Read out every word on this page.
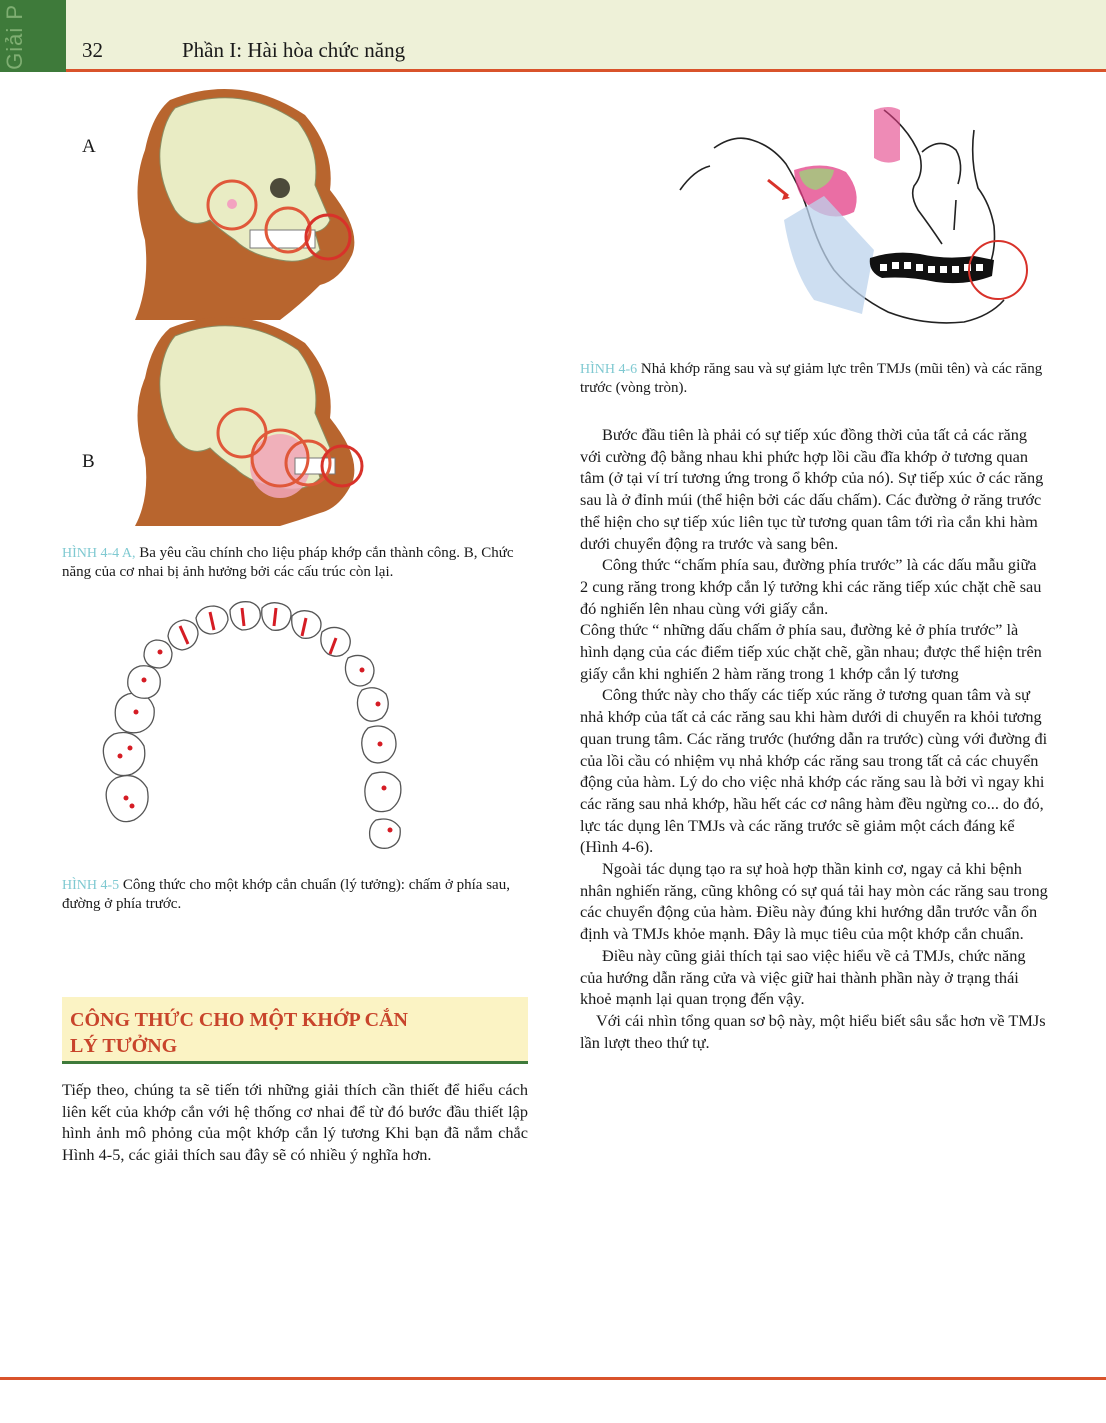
Giải P	32	Phần I: Hài hòa chức năng
A
B
HÌNH 4-4 A, Ba yêu cầu chính cho liệu pháp khớp cắn thành công. B, Chức năng của cơ nhai bị ảnh hưởng bởi các cấu trúc còn lại.
HÌNH 4-5 Công thức cho một khớp cắn chuẩn (lý tưởng): chấm ở phía sau, đường ở phía trước.
CÔNG THỨC CHO MỘT KHỚP CẮN
LÝ TƯỞNG

Tiếp theo, chúng ta sẽ tiến tới những giải thích cần thiết để hiểu cách liên kết của khớp cắn với hệ thống cơ nhai để từ đó bước đầu thiết lập hình ảnh mô phỏng của một khớp cắn lý tương Khi bạn đã nắm chắc Hình 4-5, các giải thích sau đây sẽ có nhiều ý nghĩa hơn.

HÌNH 4-6 Nhả khớp răng sau và sự giảm lực trên TMJs (mũi tên) và các răng trước (vòng tròn).

Bước đầu tiên là phải có sự tiếp xúc đồng thời của tất cả các răng với cường độ bằng nhau khi phức hợp lồi cầu đĩa khớp ở tương quan tâm (ở tại ví trí tương ứng trong ổ khớp của nó). Sự tiếp xúc ở các răng sau là ở đỉnh múi (thể hiện bởi các dấu chấm). Các đường ở răng trước thể hiện cho sự tiếp xúc liên tục từ tương quan tâm tới rìa cắn khi hàm dưới chuyển động ra trước và sang bên.

Công thức “chấm phía sau, đường phía trước” là các dấu mẫu giữa 2 cung răng trong khớp cắn lý tưởng khi các răng tiếp xúc chặt chẽ sau đó nghiến lên nhau cùng với giấy cắn.

Công thức “ những dấu chấm ở phía sau, đường kẻ ở phía trước” là hình dạng của các điểm tiếp xúc chặt chẽ, gần nhau; được thể hiện trên giấy cắn khi nghiến 2 hàm răng trong 1 khớp cắn lý tương

Công thức này cho thấy các tiếp xúc răng ở tương quan tâm và sự nhả khớp của tất cả các răng sau khi hàm dưới di chuyển ra khỏi tương quan trung tâm. Các răng trước (hướng dẫn ra trước) cùng với đường đi của lồi cầu có nhiệm vụ nhả khớp các răng sau trong tất cả các chuyển động của hàm. Lý do cho việc nhả khớp các răng sau là bởi vì ngay khi các răng sau nhả khớp, hầu hết các cơ nâng hàm đều ngừng co... do đó, lực tác dụng lên TMJs và các răng trước sẽ giảm một cách đáng kể (Hình 4-6).

Ngoài tác dụng tạo ra sự hoà hợp thần kinh cơ, ngay cả khi bệnh nhân nghiến răng, cũng không có sự quá tải hay mòn các răng sau trong các chuyển động của hàm. Điều này đúng khi hướng dẫn trước vẫn ổn định và TMJs khỏe mạnh. Đây là mục tiêu của một khớp cắn chuẩn.

Điều này cũng giải thích tại sao việc hiểu về cả TMJs, chức năng của hướng dẫn răng cửa và việc giữ hai thành phần này ở trạng thái khoẻ mạnh lại quan trọng đến vậy.

Với cái nhìn tổng quan sơ bộ này, một hiểu biết sâu sắc hơn về TMJs lần lượt theo thứ tự.
